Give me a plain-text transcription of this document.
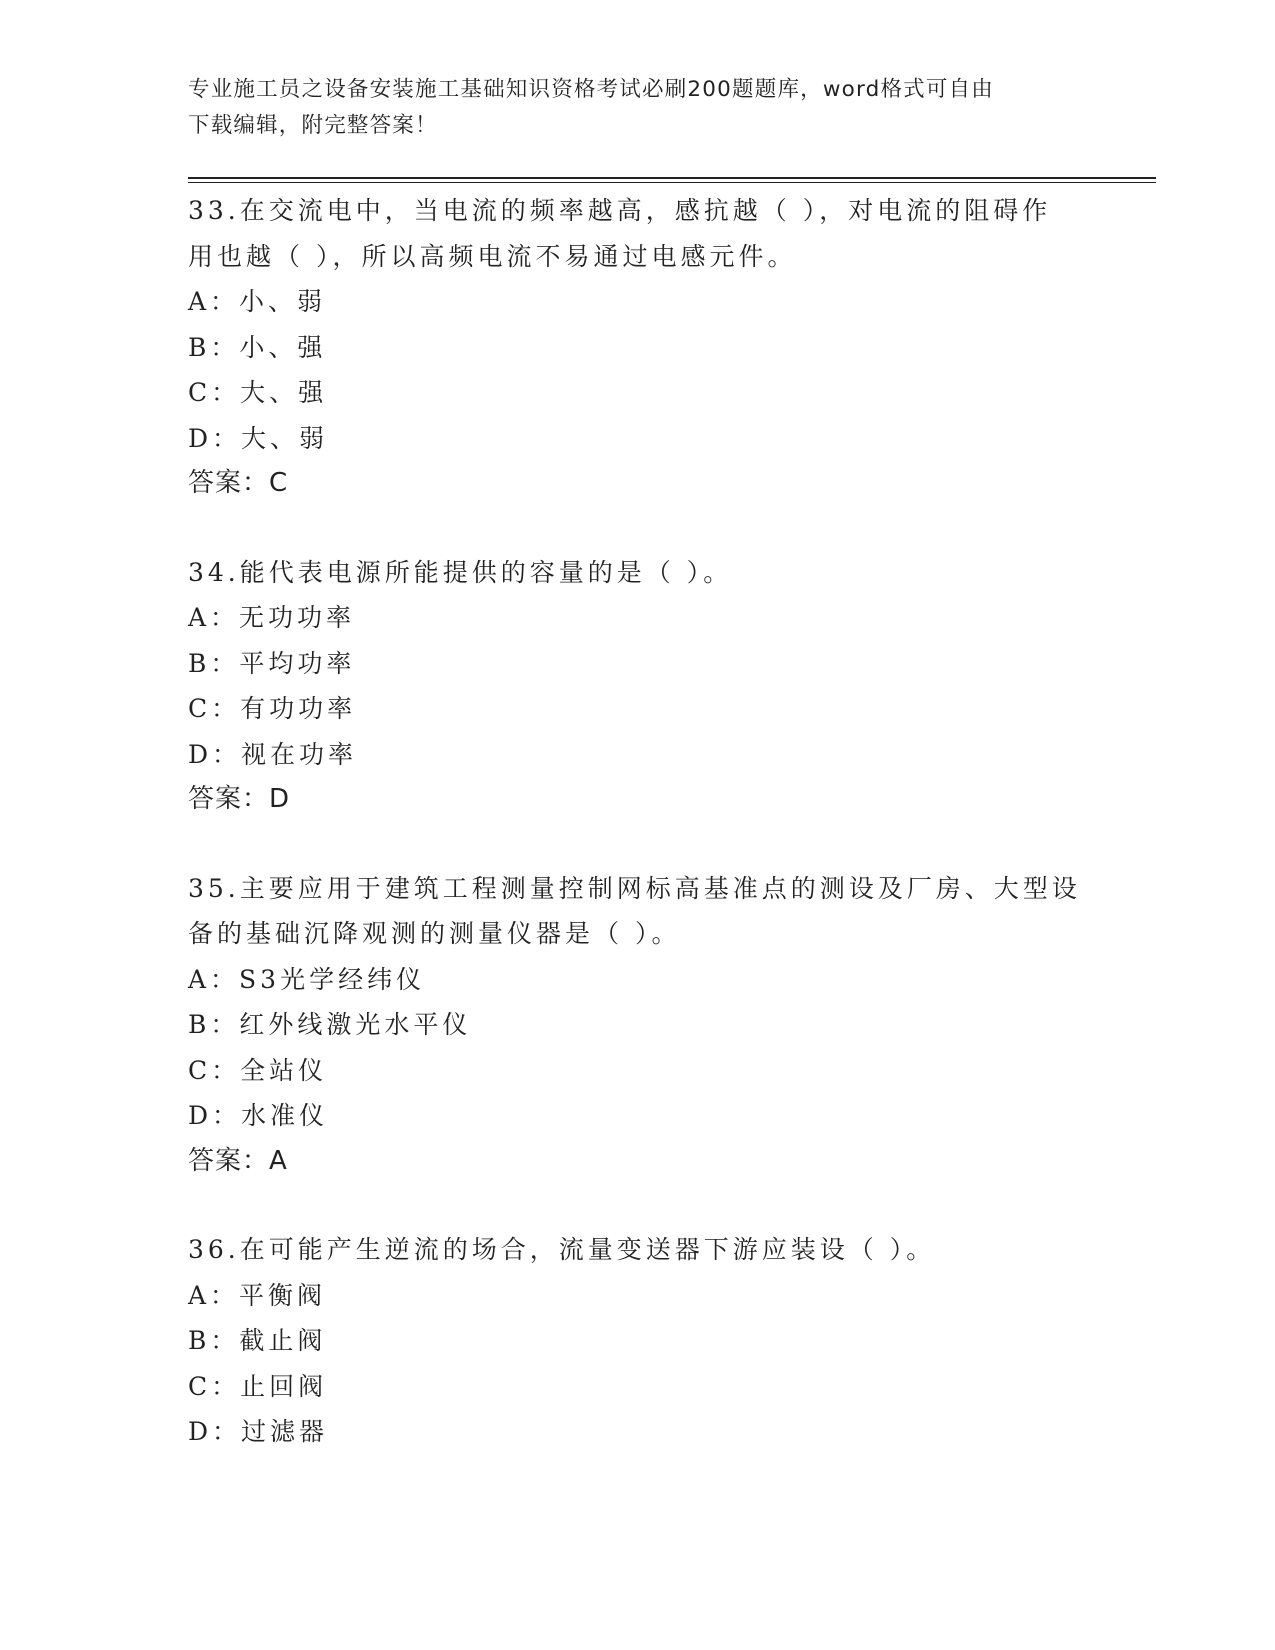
专业施工员之设备安装施工基础知识资格考试必刷200题题库，word格式可自由
下载编辑，附完整答案！
33.在交流电中，当电流的频率越高，感抗越（ ），对电流的阻碍作
用也越（ ），所以高频电流不易通过电感元件。
A：小、弱
B：小、强
C：大、强
D：大、弱
答案：C
34.能代表电源所能提供的容量的是（ ）。
A：无功功率
B：平均功率
C：有功功率
D：视在功率
答案：D
35.主要应用于建筑工程测量控制网标高基准点的测设及厂房、大型设
备的基础沉降观测的测量仪器是（ ）。
A：S3光学经纬仪
B：红外线激光水平仪
C：全站仪
D：水准仪
答案：A
36.在可能产生逆流的场合，流量变送器下游应装设（ ）。
A：平衡阀
B：截止阀
C：止回阀
D：过滤器
